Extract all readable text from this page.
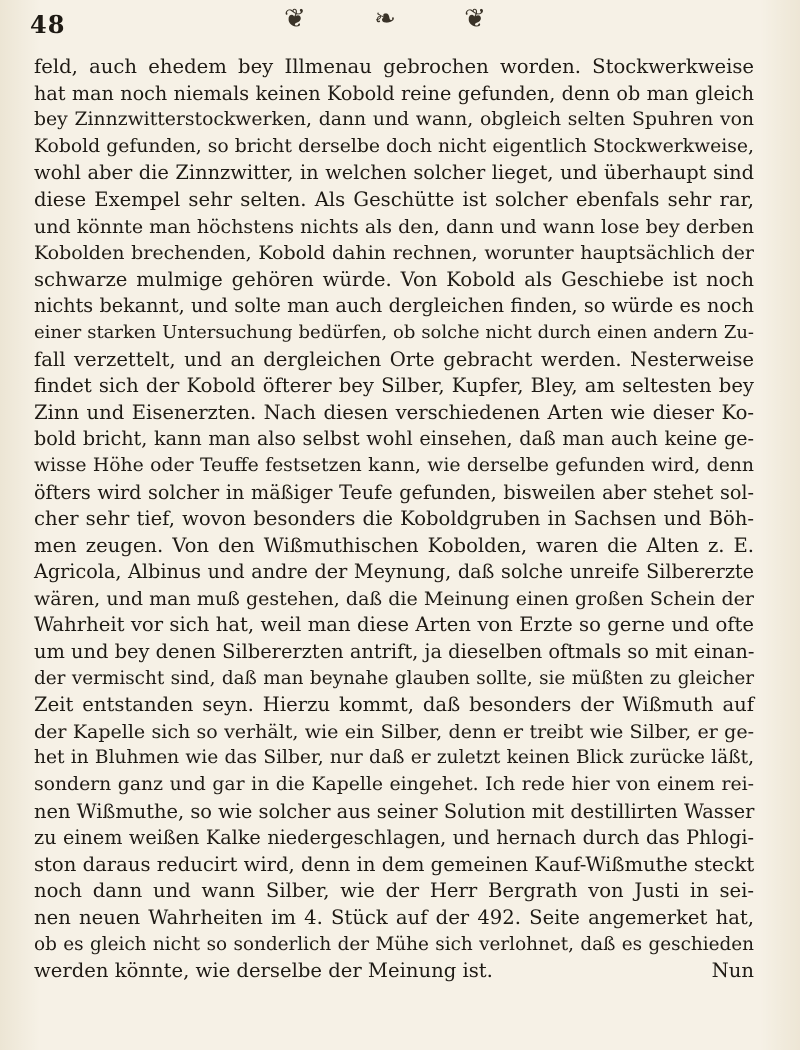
48	❦ ❧ ❦
feld, auch ehedem bey Illmenau gebrochen worden. Stockwerkweise
hat man noch niemals keinen Kobold reine gefunden, denn ob man gleich
bey Zinnzwitterstockwerken, dann und wann, obgleich selten Spuhren von
Kobold gefunden, so bricht derselbe doch nicht eigentlich Stockwerkweise,
wohl aber die Zinnzwitter, in welchen solcher lieget, und überhaupt sind
diese Exempel sehr selten. Als Geschütte ist solcher ebenfals sehr rar,
und könnte man höchstens nichts als den, dann und wann lose bey derben
Kobolden brechenden, Kobold dahin rechnen, worunter hauptsächlich der
schwarze mulmige gehören würde. Von Kobold als Geschiebe ist noch
nichts bekannt, und solte man auch dergleichen finden, so würde es noch
einer starken Untersuchung bedürfen, ob solche nicht durch einen andern Zu-
fall verzettelt, und an dergleichen Orte gebracht werden. Nesterweise
findet sich der Kobold öfterer bey Silber, Kupfer, Bley, am seltesten bey
Zinn und Eisenerzten. Nach diesen verschiedenen Arten wie dieser Ko-
bold bricht, kann man also selbst wohl einsehen, daß man auch keine ge-
wisse Höhe oder Teuffe festsetzen kann, wie derselbe gefunden wird, denn
öfters wird solcher in mäßiger Teufe gefunden, bisweilen aber stehet sol-
cher sehr tief, wovon besonders die Koboldgruben in Sachsen und Böh-
men zeugen. Von den Wißmuthischen Kobolden, waren die Alten z. E.
Agricola, Albinus und andre der Meynung, daß solche unreife Silbererzte
wären, und man muß gestehen, daß die Meinung einen großen Schein der
Wahrheit vor sich hat, weil man diese Arten von Erzte so gerne und ofte
um und bey denen Silbererzten antrift, ja dieselben oftmals so mit einan-
der vermischt sind, daß man beynahe glauben sollte, sie müßten zu gleicher
Zeit entstanden seyn. Hierzu kommt, daß besonders der Wißmuth auf
der Kapelle sich so verhält, wie ein Silber, denn er treibt wie Silber, er ge-
het in Bluhmen wie das Silber, nur daß er zuletzt keinen Blick zurücke läßt,
sondern ganz und gar in die Kapelle eingehet. Ich rede hier von einem rei-
nen Wißmuthe, so wie solcher aus seiner Solution mit destillirten Wasser
zu einem weißen Kalke niedergeschlagen, und hernach durch das Phlogi-
ston daraus reducirt wird, denn in dem gemeinen Kauf-Wißmuthe steckt
noch dann und wann Silber, wie der Herr Bergrath von Justi in sei-
nen neuen Wahrheiten im 4. Stück auf der 492. Seite angemerket hat,
ob es gleich nicht so sonderlich der Mühe sich verlohnet, daß es geschieden
werden könnte, wie derselbe der Meinung ist.	Nun
